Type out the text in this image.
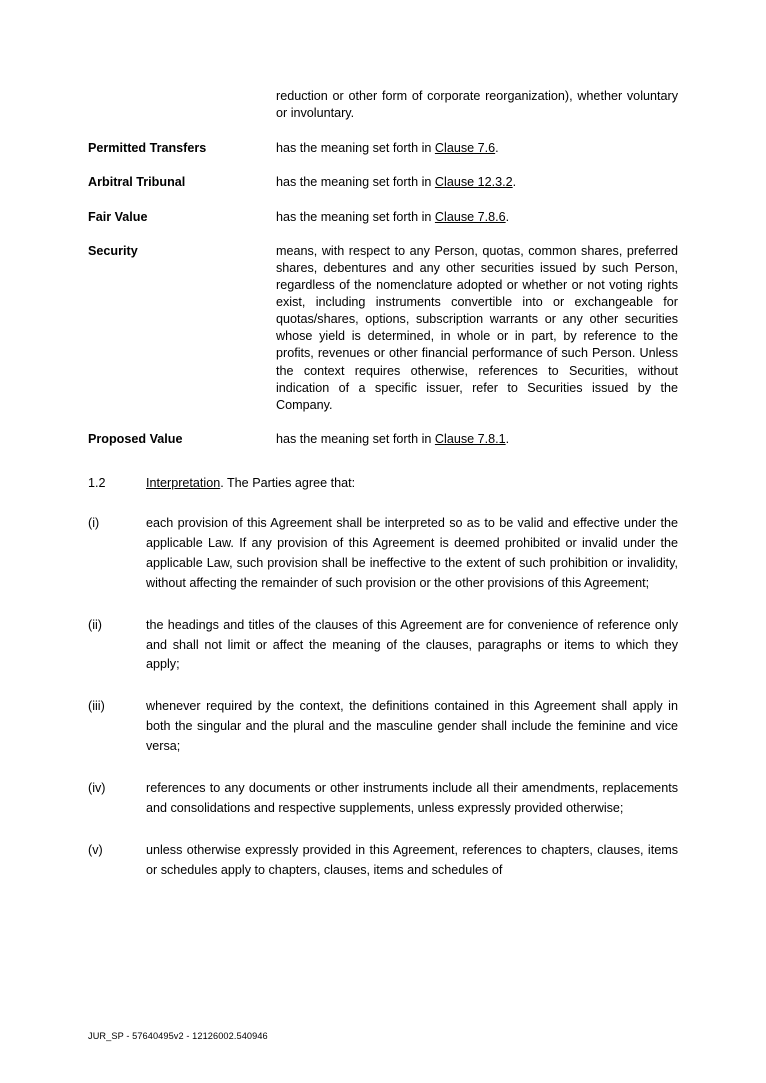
	reduction or other form of corporate reorganization), whether voluntary or involuntary.
Permitted Transfers	has the meaning set forth in Clause 7.6.
Arbitral Tribunal	has the meaning set forth in Clause 12.3.2.
Fair Value	has the meaning set forth in Clause 7.8.6.
Security	means, with respect to any Person, quotas, common shares, preferred shares, debentures and any other securities issued by such Person, regardless of the nomenclature adopted or whether or not voting rights exist, including instruments convertible into or exchangeable for quotas/shares, options, subscription warrants or any other securities whose yield is determined, in whole or in part, by reference to the profits, revenues or other financial performance of such Person. Unless the context requires otherwise, references to Securities, without indication of a specific issuer, refer to Securities issued by the Company.
Proposed Value	has the meaning set forth in Clause 7.8.1.
1.2	Interpretation. The Parties agree that:
(i)	each provision of this Agreement shall be interpreted so as to be valid and effective under the applicable Law. If any provision of this Agreement is deemed prohibited or invalid under the applicable Law, such provision shall be ineffective to the extent of such prohibition or invalidity, without affecting the remainder of such provision or the other provisions of this Agreement;
(ii)	the headings and titles of the clauses of this Agreement are for convenience of reference only and shall not limit or affect the meaning of the clauses, paragraphs or items to which they apply;
(iii)	whenever required by the context, the definitions contained in this Agreement shall apply in both the singular and the plural and the masculine gender shall include the feminine and vice versa;
(iv)	references to any documents or other instruments include all their amendments, replacements and consolidations and respective supplements, unless expressly provided otherwise;
(v)	unless otherwise expressly provided in this Agreement, references to chapters, clauses, items or schedules apply to chapters, clauses, items and schedules of
JUR_SP - 57640495v2 - 12126002.540946
